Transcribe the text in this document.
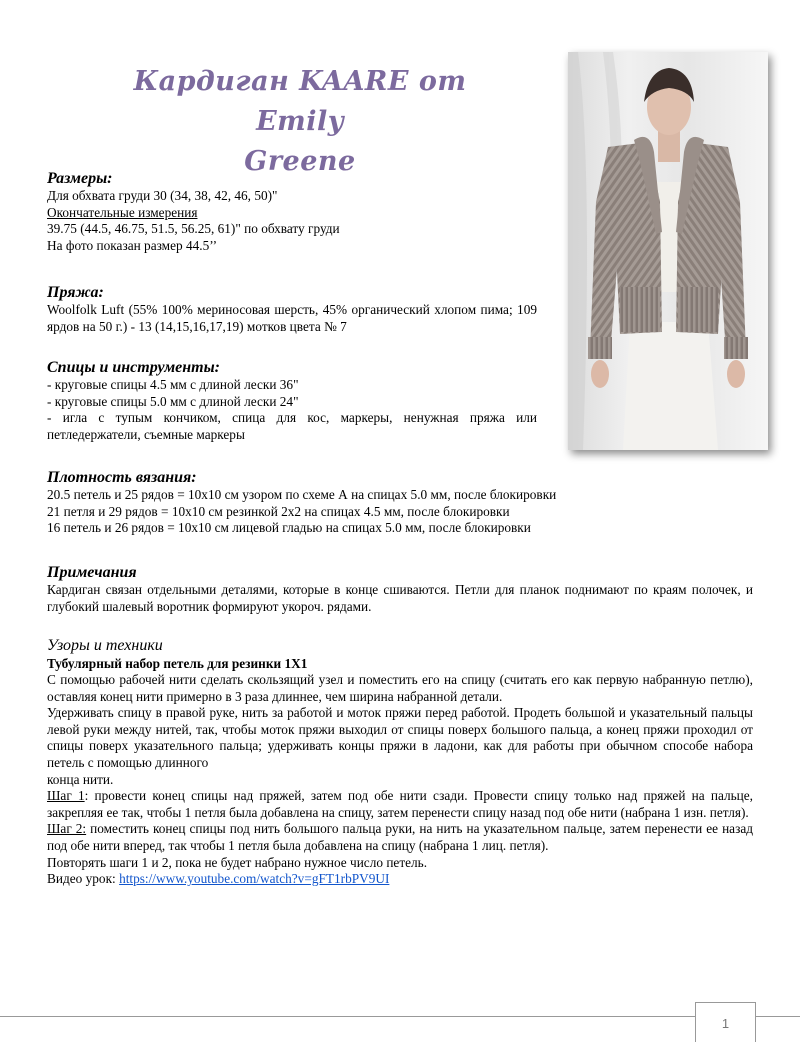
Кардиган KAARE от Emily
Greene

Размеры:

Для обхвата груди 30 (34, 38, 42, 46, 50)"

Окончательные измерения

39.75 (44.5, 46.75, 51.5, 56.25, 61)" по обхвату груди

На фото показан размер 44.5’’

Пряжа:

Woolfolk Luft (55% 100% мериносовая шерсть, 45% органический хлопом пима; 109 ярдов на 50 г.) - 13 (14,15,16,17,19) мотков цвета № 7

Спицы и инструменты:

- круговые спицы 4.5 мм с длиной лески 36"

- круговые спицы 5.0 мм с длиной лески 24"

- игла с тупым кончиком, спица для кос, маркеры, ненужная пряжа или петледержатели, съемные маркеры

Плотность вязания:

20.5 петель и 25 рядов = 10х10 см узором по схеме А на спицах 5.0 мм, после блокировки

21 петля и 29 рядов = 10х10 см резинкой 2х2 на спицах 4.5 мм, после блокировки

16 петель и 26 рядов = 10х10 см лицевой гладью на спицах 5.0 мм, после блокировки

Примечания

Кардиган связан отдельными деталями, которые в конце сшиваются. Петли для планок поднимают по краям полочек, и глубокий шалевый воротник формируют укороч. рядами.

Узоры и техники

Тубулярный набор петель для резинки 1Х1

С помощью рабочей нити сделать скользящий узел и поместить его на спицу (считать его как первую набранную петлю), оставляя конец нити примерно в 3 раза длиннее, чем ширина набранной детали.

Удерживать спицу в правой руке, нить за работой и моток пряжи перед работой. Продеть большой и указательный пальцы левой руки между нитей, так, чтобы моток пряжи выходил от спицы поверх большого пальца, а конец пряжи проходил от спицы поверх указательного пальца; удерживать концы пряжи в ладони, как для работы при обычном способе набора петель с помощью длинного

конца нити.

Шаг 1: провести конец спицы над пряжей, затем под обе нити сзади. Провести спицу только над пряжей на пальце, закрепляя ее так, чтобы 1 петля была добавлена на спицу, затем перенести спицу назад под обе нити (набрана 1 изн. петля).

Шаг 2: поместить конец спицы под нить большого пальца руки, на нить на указательном пальце, затем перенести ее назад под обе нити вперед, так чтобы 1 петля была добавлена на спицу (набрана 1 лиц. петля).

Повторять шаги 1 и 2, пока не будет набрано нужное число петель.

Видео урок: https://www.youtube.com/watch?v=gFT1rbPV9UI

1
